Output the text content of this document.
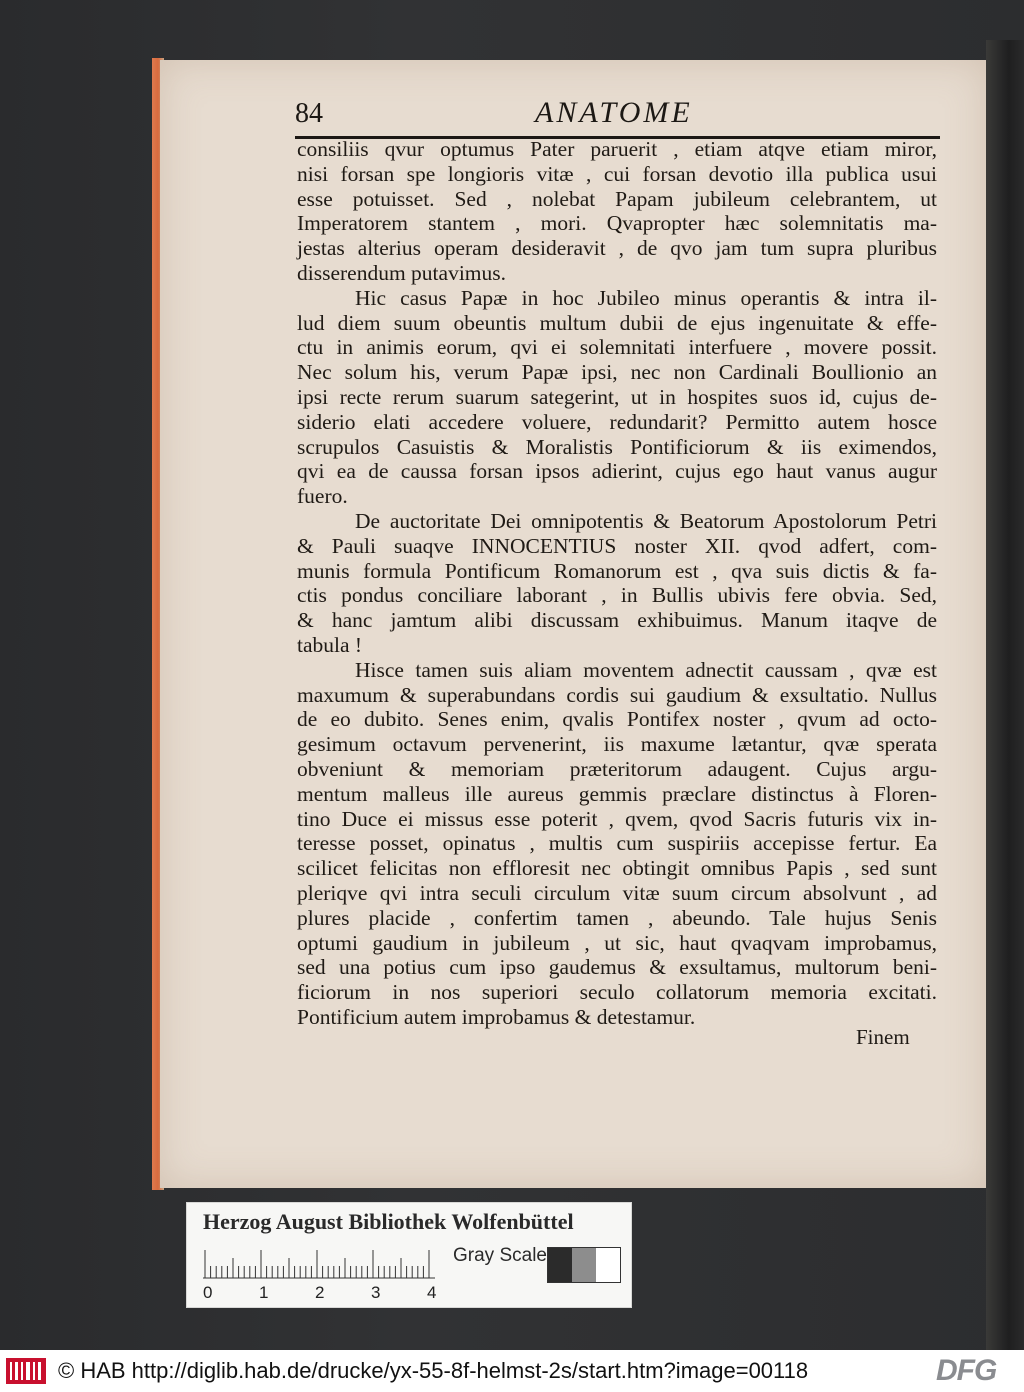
84	ANATOME
consiliis qvur optumus Pater paruerit , etiam atqve etiam miror,
nisi forsan spe longioris vitæ , cui forsan devotio illa publica usui
esse potuisset. Sed , nolebat Papam jubileum celebrantem, ut
Imperatorem stantem , mori. Qvapropter hæc solemnitatis ma-
jestas alterius operam desideravit , de qvo jam tum supra pluribus
disserendum putavimus.
Hic casus Papæ in hoc Jubileo minus operantis & intra il-
lud diem suum obeuntis multum dubii de ejus ingenuitate & effe-
ctu in animis eorum, qvi ei solemnitati interfuere , movere possit.
Nec solum his, verum Papæ ipsi, nec non Cardinali Boullionio an
ipsi recte rerum suarum sategerint, ut in hospites suos id, cujus de-
siderio elati accedere voluere, redundarit? Permitto autem hosce
scrupulos Casuistis & Moralistis Pontificiorum & iis eximendos,
qvi ea de caussa forsan ipsos adierint, cujus ego haut vanus augur
fuero.
De auctoritate Dei omnipotentis & Beatorum Apostolorum Petri
& Pauli suaqve INNOCENTIUS noster XII. qvod adfert, com-
munis formula Pontificum Romanorum est , qva suis dictis & fa-
ctis pondus conciliare laborant , in Bullis ubivis fere obvia. Sed,
& hanc jamtum alibi discussam exhibuimus. Manum itaqve de
tabula !
Hisce tamen suis aliam moventem adnectit caussam , qvæ est
maxumum & superabundans cordis sui gaudium & exsultatio. Nullus
de eo dubito. Senes enim, qvalis Pontifex noster , qvum ad octo-
gesimum octavum pervenerint, iis maxume lætantur, qvæ sperata
obveniunt & memoriam præteritorum adaugent. Cujus argu-
mentum malleus ille aureus gemmis præclare distinctus à Floren-
tino Duce ei missus esse poterit , qvem, qvod Sacris futuris vix in-
teresse posset, opinatus , multis cum suspiriis accepisse fertur. Ea
scilicet felicitas non effloresit nec obtingit omnibus Papis , sed sunt
pleriqve qvi intra seculi circulum vitæ suum circum absolvunt , ad
plures placide , confertim tamen , abeundo. Tale hujus Senis
optumi gaudium in jubileum , ut sic, haut qvaqvam improbamus,
sed una potius cum ipso gaudemus & exsultamus, multorum beni-
ficiorum in nos superiori seculo collatorum memoria excitati.
Pontificium autem improbamus & detestamur.
Finem
Herzog August Bibliothek Wolfenbüttel
0	1	2	3	4
Gray Scale
© HAB http://diglib.hab.de/drucke/yx-55-8f-helmst-2s/start.htm?image=00118	DFG
